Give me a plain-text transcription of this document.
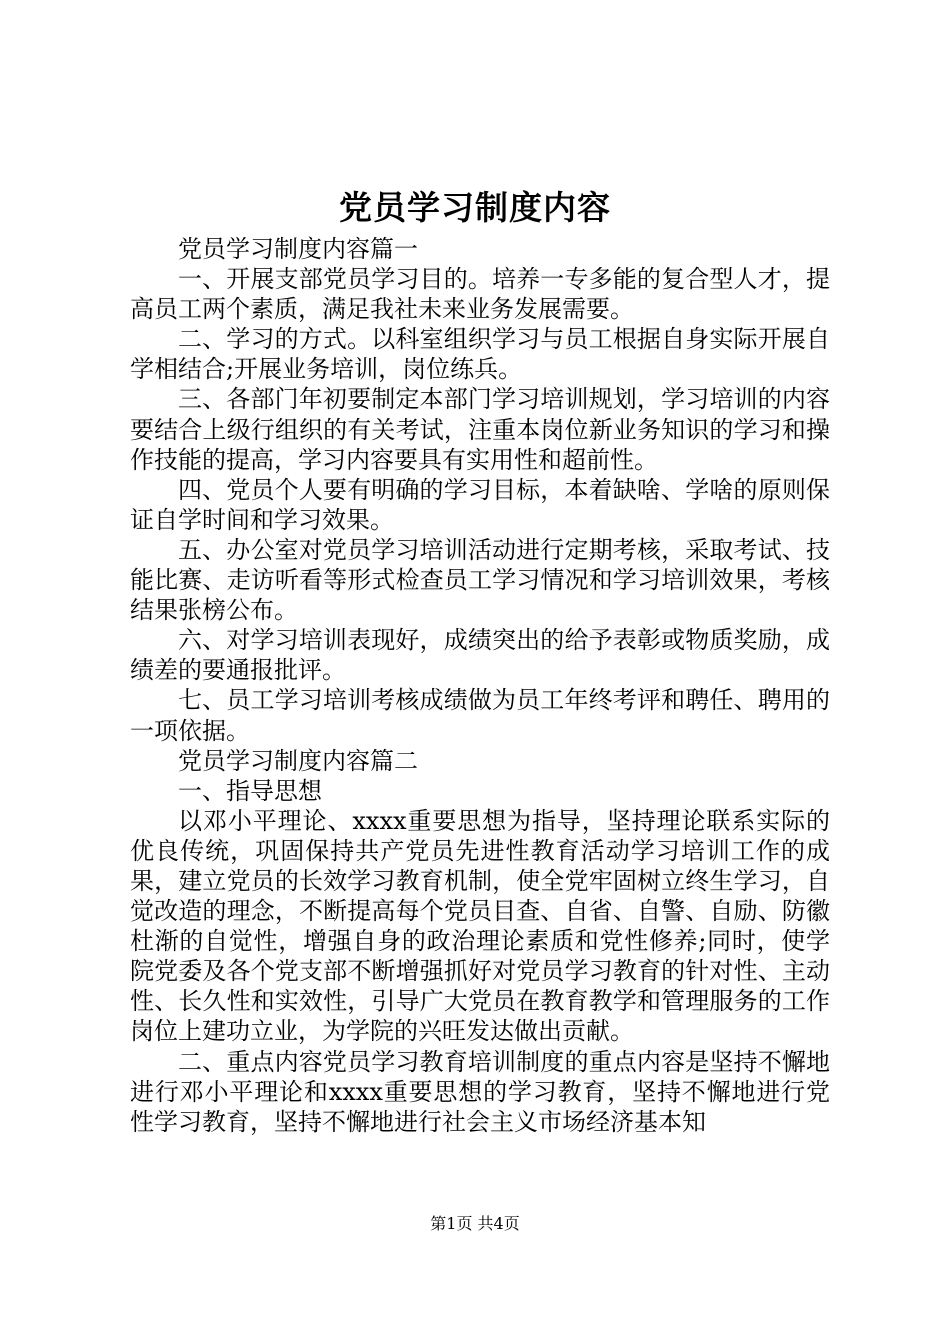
党员学习制度内容

党员学习制度内容篇一

一、开展支部党员学习目的。培养一专多能的复合型人才，提高员工两个素质，满足我社未来业务发展需要。

二、学习的方式。以科室组织学习与员工根据自身实际开展自学相结合;开展业务培训，岗位练兵。

三、各部门年初要制定本部门学习培训规划，学习培训的内容要结合上级行组织的有关考试，注重本岗位新业务知识的学习和操作技能的提高，学习内容要具有实用性和超前性。

四、党员个人要有明确的学习目标，本着缺啥、学啥的原则保证自学时间和学习效果。

五、办公室对党员学习培训活动进行定期考核，采取考试、技能比赛、走访听看等形式检查员工学习情况和学习培训效果，考核结果张榜公布。

六、对学习培训表现好，成绩突出的给予表彰或物质奖励，成绩差的要通报批评。

七、员工学习培训考核成绩做为员工年终考评和聘任、聘用的一项依据。

党员学习制度内容篇二

一、指导思想

以邓小平理论、xxxx重要思想为指导，坚持理论联系实际的优良传统，巩固保持共产党员先进性教育活动学习培训工作的成果，建立党员的长效学习教育机制，使全党牢固树立终生学习，自觉改造的理念，不断提高每个党员目查、自省、自警、自励、防徽杜渐的自觉性，增强自身的政治理论素质和党性修养;同时，使学院党委及各个党支部不断增强抓好对党员学习教育的针对性、主动性、长久性和实效性，引导广大党员在教育教学和管理服务的工作岗位上建功立业，为学院的兴旺发达做出贡献。

二、重点内容党员学习教育培训制度的重点内容是坚持不懈地进行邓小平理论和xxxx重要思想的学习教育，坚持不懈地进行党性学习教育，坚持不懈地进行社会主义市场经济基本知

第1页 共4页
